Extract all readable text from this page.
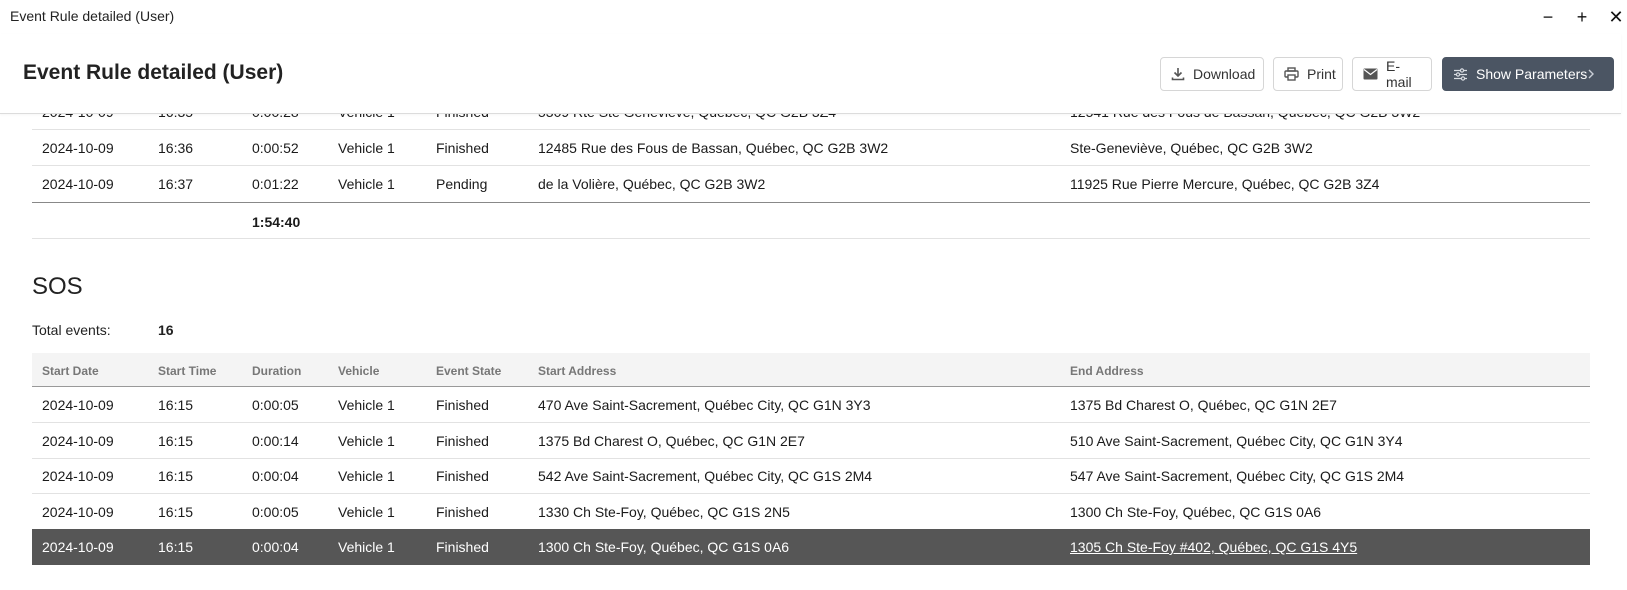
Event Rule detailed (User)	−	+	✕
Event Rule detailed (User)	Download	Print	E-mail	Show Parameters
2024-10-09	16:36	0:00:52	Vehicle 1	Finished	12485 Rue des Fous de Bassan, Québec, QC G2B 3W2	Ste-Geneviève, Québec, QC G2B 3W2
2024-10-09	16:37	0:01:22	Vehicle 1	Pending	de la Volière, Québec, QC G2B 3W2	11925 Rue Pierre Mercure, Québec, QC G2B 3Z4
1:54:40
SOS
Total events:	16
Start Date	Start Time	Duration	Vehicle	Event State	Start Address	End Address
2024-10-09	16:15	0:00:05	Vehicle 1	Finished	470 Ave Saint-Sacrement, Québec City, QC G1N 3Y3	1375 Bd Charest O, Québec, QC G1N 2E7
2024-10-09	16:15	0:00:14	Vehicle 1	Finished	1375 Bd Charest O, Québec, QC G1N 2E7	510 Ave Saint-Sacrement, Québec City, QC G1N 3Y4
2024-10-09	16:15	0:00:04	Vehicle 1	Finished	542 Ave Saint-Sacrement, Québec City, QC G1S 2M4	547 Ave Saint-Sacrement, Québec City, QC G1S 2M4
2024-10-09	16:15	0:00:05	Vehicle 1	Finished	1330 Ch Ste-Foy, Québec, QC G1S 2N5	1300 Ch Ste-Foy, Québec, QC G1S 0A6
2024-10-09	16:15	0:00:04	Vehicle 1	Finished	1300 Ch Ste-Foy, Québec, QC G1S 0A6	1305 Ch Ste-Foy #402, Québec, QC G1S 4Y5
